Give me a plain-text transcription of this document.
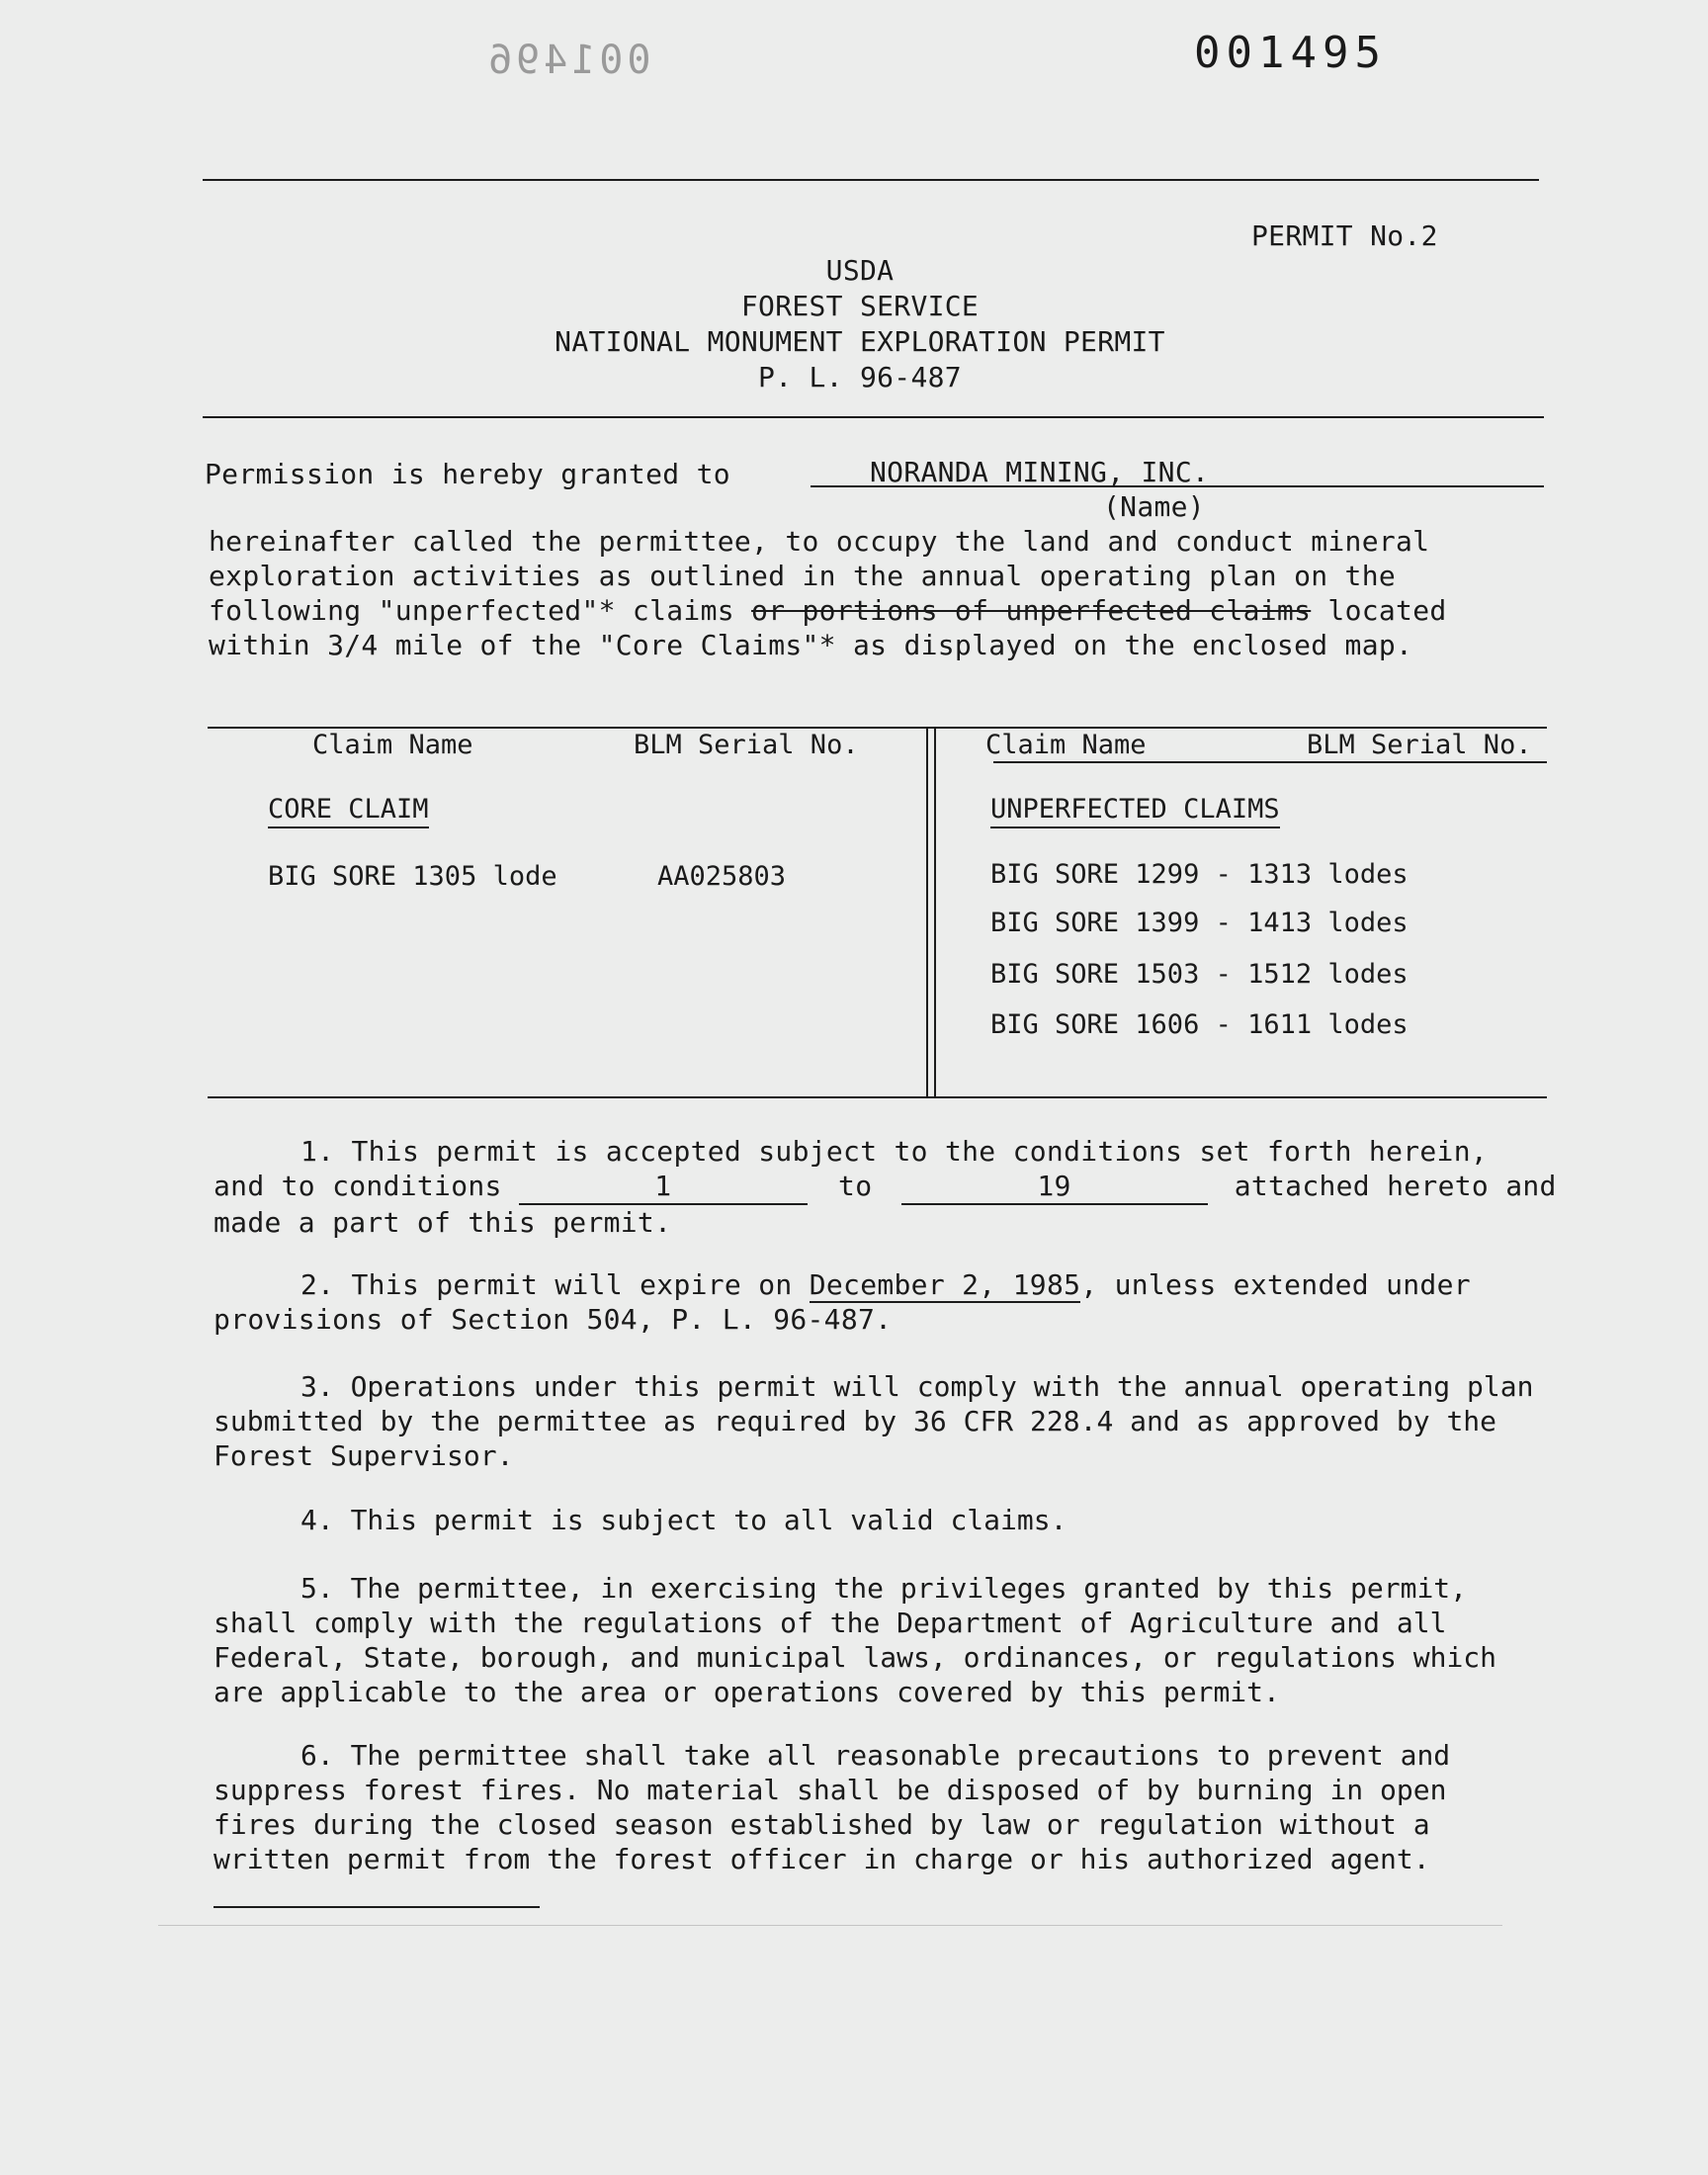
001496	001495
PERMIT No.2
USDA
FOREST SERVICE
NATIONAL MONUMENT EXPLORATION PERMIT
P. L. 96-487
Permission is hereby granted to	NORANDA MINING, INC.
(Name)
hereinafter called the permittee, to occupy the land and conduct mineral
exploration activities as outlined in the annual operating plan on the
following "unperfected"* claims or portions of unperfected claims located
within 3/4 mile of the "Core Claims"* as displayed on the enclosed map.
Claim Name	BLM Serial No.	Claim Name	BLM Serial No.
CORE CLAIM
BIG SORE 1305 lode	AA025803
UNPERFECTED CLAIMS
BIG SORE 1299 - 1313 lodes
BIG SORE 1399 - 1413 lodes
BIG SORE 1503 - 1512 lodes
BIG SORE 1606 - 1611 lodes
1. This permit is accepted subject to the conditions set forth herein,
and to conditions	1	to	19	attached hereto and
made a part of this permit.
2. This permit will expire on December 2, 1985, unless extended under
provisions of Section 504, P. L. 96-487.
3. Operations under this permit will comply with the annual operating plan submitted by the permittee as required by 36 CFR 228.4 and as approved by the Forest Supervisor.
4. This permit is subject to all valid claims.
5. The permittee, in exercising the privileges granted by this permit, shall comply with the regulations of the Department of Agriculture and all Federal, State, borough, and municipal laws, ordinances, or regulations which are applicable to the area or operations covered by this permit.
6. The permittee shall take all reasonable precautions to prevent and suppress forest fires. No material shall be disposed of by burning in open fires during the closed season established by law or regulation without a written permit from the forest officer in charge or his authorized agent.
